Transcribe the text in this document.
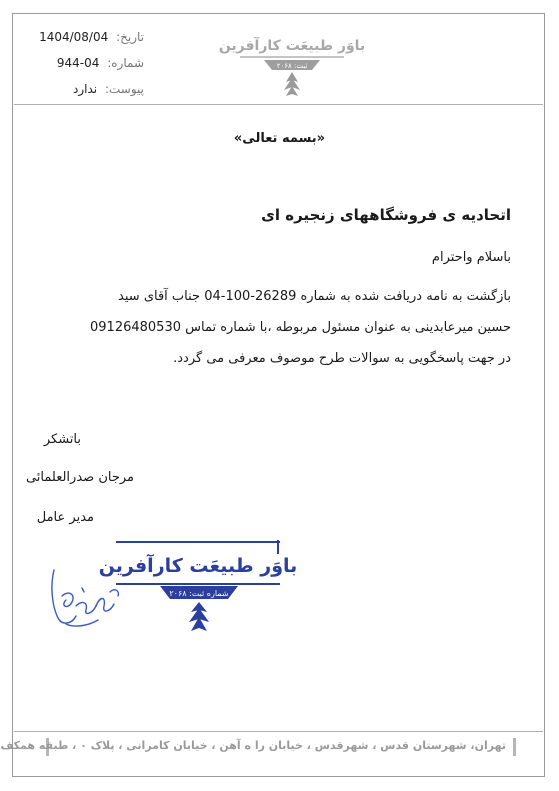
تاریخ: 1404/08/04
شماره: 944-04
پیوست: ندارد
باوَر طبیعَت کارآفرین
ثبت: ۲۰۶۸
«بسمه تعالی»
اتحادیه ی فروشگاههای زنجیره ای
باسلام واحترام
بازگشت به نامه دریافت شده به شماره 26289-100-04 جناب آقای سید
حسین میرعابدینی به عنوان مسئول مربوطه ،با شماره تماس 09126480530
در جهت پاسخگویی به سوالات طرح موصوف معرفی می گردد.
باتشکر
مرجان صدرالعلمائی
مدیر عامل
باوَر طبیعَت کارآفرین
شماره ثبت: ۲۰۶۸
تهران، شهرستان قدس ، شهرقدس ، خیابان را ه آهن ، خیابان کامرانی ، پلاک ۰ ، طبقه همکف
